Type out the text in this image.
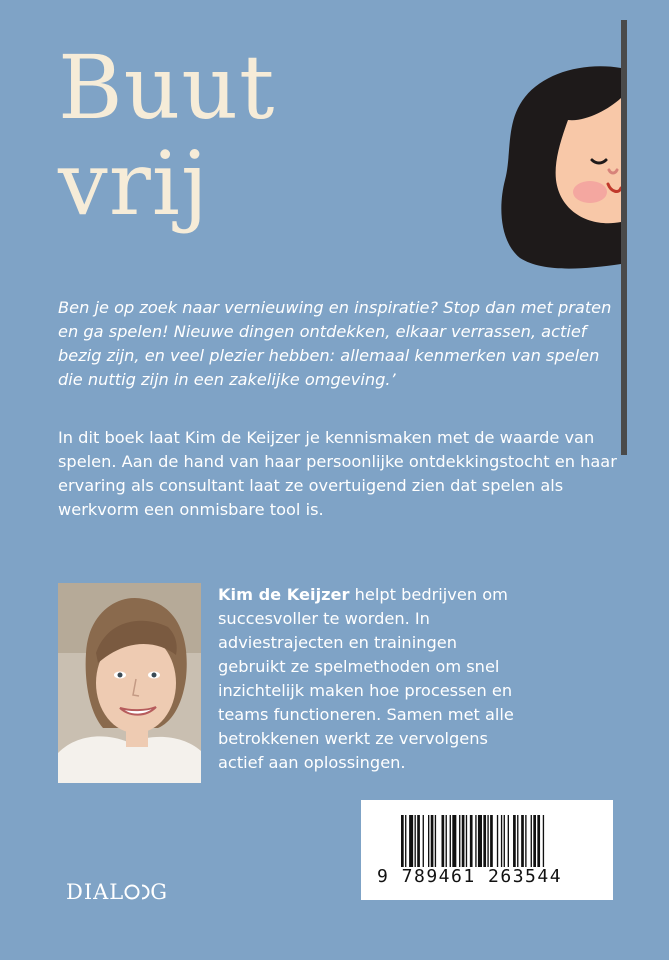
Buut
vrij
Ben je op zoek naar vernieuwing en inspiratie? Stop dan met praten en ga spelen! Nieuwe dingen ontdekken, elkaar verrassen, actief bezig zijn, en veel plezier hebben: allemaal kenmerken van spelen die nuttig zijn in een zakelijke omgeving.’
In dit boek laat Kim de Keijzer je kennismaken met de waarde van spelen. Aan de hand van haar persoonlijke ontdekkingstocht en haar ervaring als consultant laat ze overtuigend zien dat spelen als werkvorm een onmisbare tool is.
Kim de Keijzer helpt bedrijven om succesvoller te worden. In adviestrajecten en trainingen gebruikt ze spelmethoden om snel inzichtelijk maken hoe processen en teams functioneren. Samen met alle betrokkenen werkt ze vervolgens actief aan oplossingen.
DIAL G
9 789461 263544
